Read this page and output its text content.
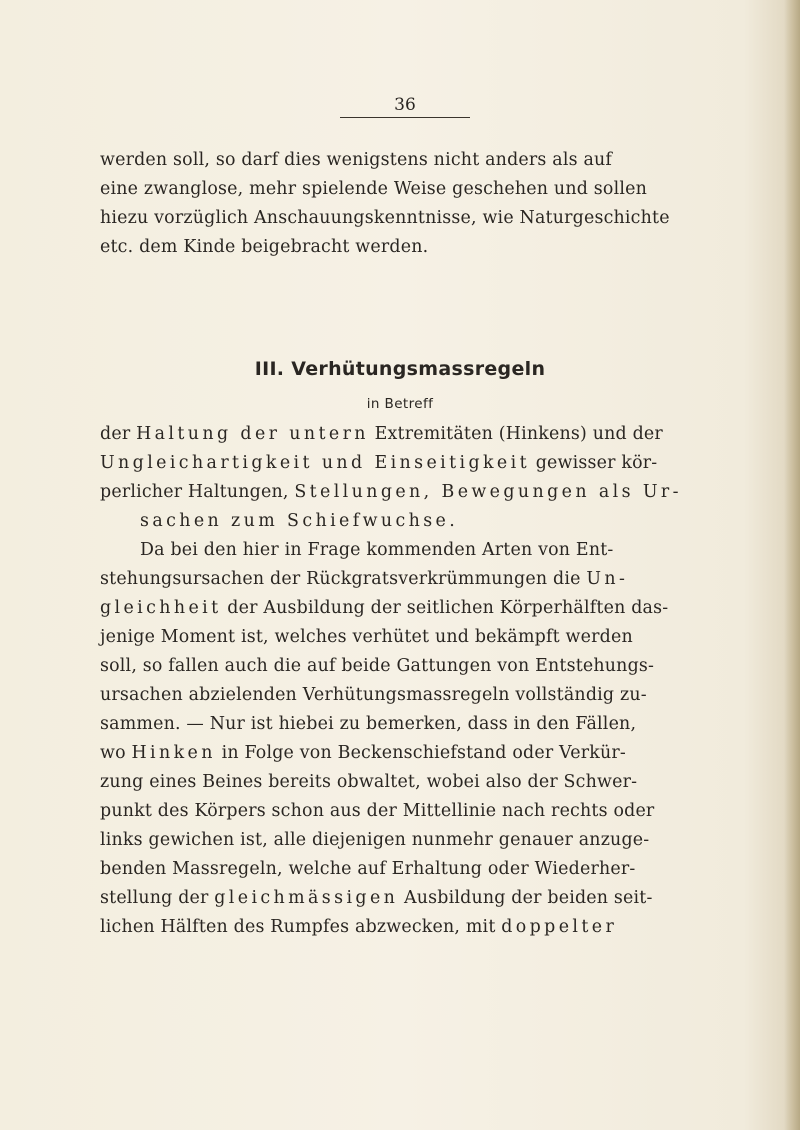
36
werden soll, so darf dies wenigstens nicht anders als auf
eine zwanglose, mehr spielende Weise geschehen und sollen
hiezu vorzüglich Anschauungskenntnisse, wie Naturgeschichte
etc. dem Kinde beigebracht werden.
III. Verhütungsmassregeln
in Betreff
der Haltung der untern Extremitäten (Hinkens) und der
Ungleichartigkeit und Einseitigkeit gewisser kör-
perlicher Haltungen, Stellungen, Bewegungen als Ur-
sachen zum Schiefwuchse.
Da bei den hier in Frage kommenden Arten von Ent-
stehungsursachen der Rückgratsverkrümmungen die Un-
gleichheit der Ausbildung der seitlichen Körperhälften das-
jenige Moment ist, welches verhütet und bekämpft werden
soll, so fallen auch die auf beide Gattungen von Entstehungs-
ursachen abzielenden Verhütungsmassregeln vollständig zu-
sammen. — Nur ist hiebei zu bemerken, dass in den Fällen,
wo Hinken in Folge von Beckenschiefstand oder Verkür-
zung eines Beines bereits obwaltet, wobei also der Schwer-
punkt des Körpers schon aus der Mittellinie nach rechts oder
links gewichen ist, alle diejenigen nunmehr genauer anzuge-
benden Massregeln, welche auf Erhaltung oder Wiederher-
stellung der gleichmässigen Ausbildung der beiden seit-
lichen Hälften des Rumpfes abzwecken, mit doppelter
